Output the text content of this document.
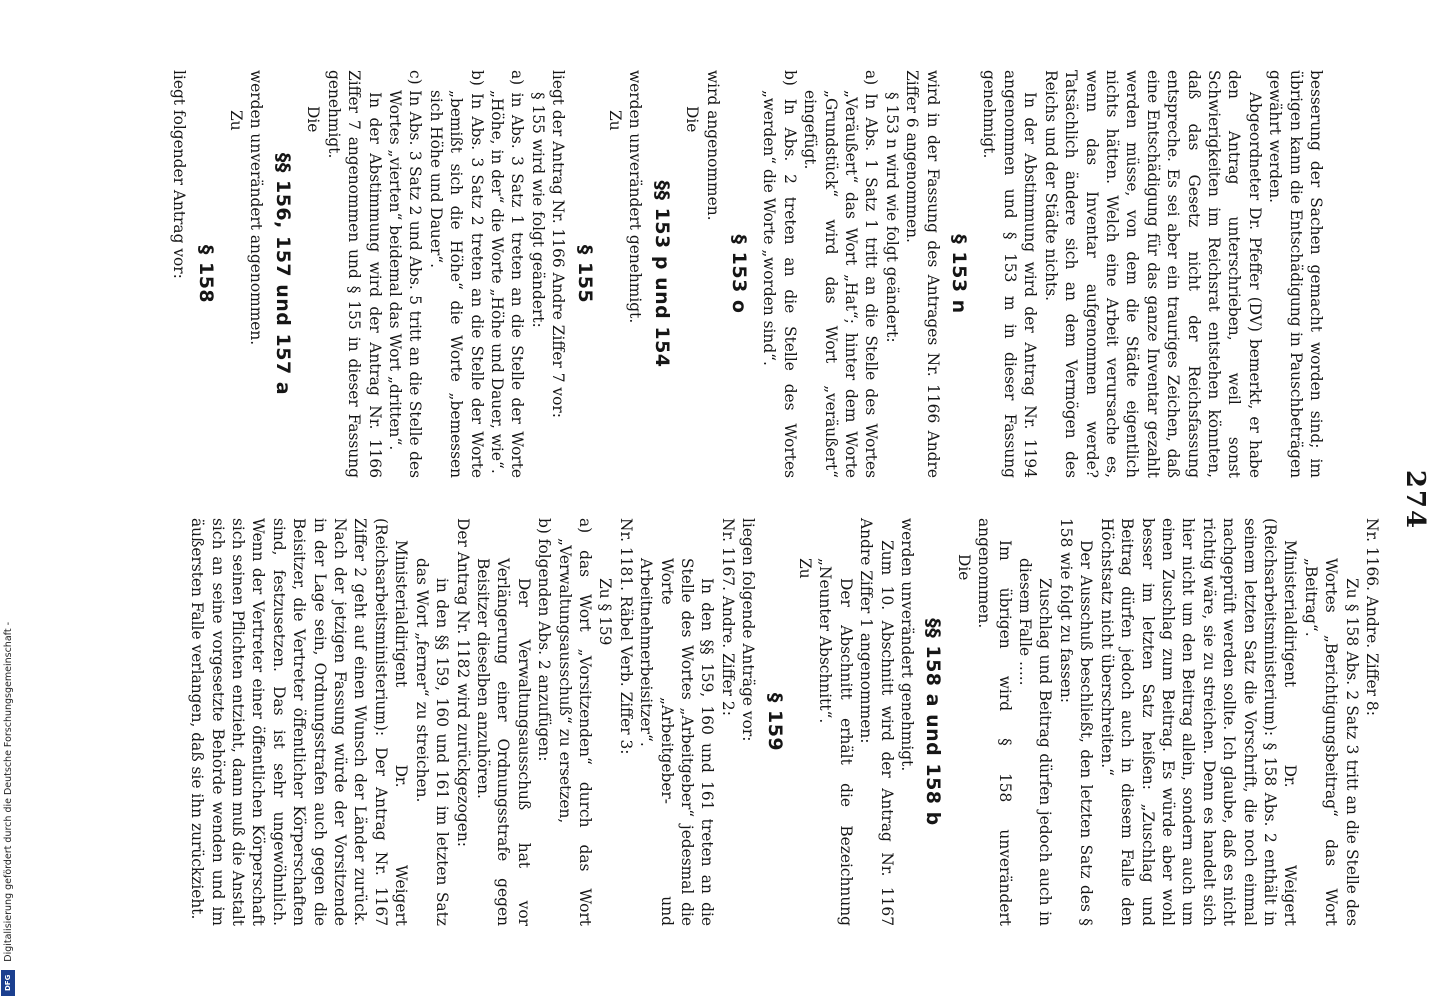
274

besserung der Sachen gemacht worden sind; im übrigen kann die Entschädigung in Pauschbeträgen gewährt werden.

Abgeordneter Dr. Pfeffer (DV) bemerkt, er habe den Antrag unterschrieben, weil sonst Schwierigkeiten im Reichsrat entstehen könnten, daß das Gesetz nicht der Reichsfassung entspreche. Es sei aber ein trauriges Zeichen, daß eine Entschädigung für das ganze Inventar gezahlt werden müsse, von dem die Städte eigentlich nichts hätten. Welch eine Arbeit verursache es, wenn das Inventar aufgenommen werde? Tatsächlich ändere sich an dem Vermögen des Reichs und der Städte nichts.

In der Abstimmung wird der Antrag Nr. 1194 angenommen und § 153 m in dieser Fassung genehmigt.

§ 153 n

wird in der Fassung des Antrages Nr. 1166 Andre Ziffer 6 angenommen.

§ 153 n wird wie folgt geändert:

a) In Abs. 1 Satz 1 tritt an die Stelle des Wortes „Veräußert“ das Wort „Hat“; hinter dem Worte „Grundstück“ wird das Wort „veräußert“ eingefügt.

b) In Abs. 2 treten an die Stelle des Wortes „werden“ die Worte „worden sind“.

§ 153 o

wird angenommen.

Die

§§ 153 p und 154

werden unverändert genehmigt.

Zu

§ 155

liegt der Antrag Nr. 1166 Andre Ziffer 7 vor:

§ 155 wird wie folgt geändert:

a) in Abs. 3 Satz 1 treten an die Stelle der Worte „Höhe, in der“ die Worte „Höhe und Dauer, wie“.

b) In Abs. 3 Satz 2 treten an die Stelle der Worte „bemißt sich die Höhe“ die Worte „bemessen sich Höhe und Dauer“.

c) In Abs. 3 Satz 2 und Abs. 5 tritt an die Stelle des Wortes „vierten“ beidemal das Wort „dritten“.

In der Abstimmung wird der Antrag Nr. 1166 Ziffer 7 angenommen und § 155 in dieser Fassung genehmigt.

Die

§§ 156, 157 und 157 a

werden unverändert angenommen.

Zu

§ 158

liegt folgender Antrag vor:

Nr. 1166. Andre. Ziffer 8:

Zu § 158 Abs. 2 Satz 3 tritt an die Stelle des Wortes „Berichtigungsbeitrag“ das Wort „Beitrag“.

Ministerialdirigent Dr. Weigert (Reichsarbeitsministerium): § 158 Abs. 2 enthält in seinem letzten Satz die Vorschrift, die noch einmal nachgeprüft werden sollte. Ich glaube, daß es nicht richtig wäre, sie zu streichen. Denn es handelt sich hier nicht um den Beitrag allein, sondern auch um einen Zuschlag zum Beitrag. Es würde aber wohl besser im letzten Satz heißen: „Zuschlag und Beitrag dürfen jedoch auch in diesem Falle den Höchstsatz nicht überschreiten.“

Der Ausschuß beschließt, den letzten Satz des § 158 wie folgt zu fassen:

Zuschlag und Beitrag dürfen jedoch auch in diesem Falle .....

Im übrigen wird § 158 unverändert angenommen.

Die

§§ 158 a und 158 b

werden unverändert genehmigt.

Zum 10. Abschnitt wird der Antrag Nr. 1167 Andre Ziffer 1 angenommen:

Der Abschnitt erhält die Bezeichnung „Neunter Abschnitt“.

Zu

§ 159

liegen folgende Anträge vor:

Nr. 1167. Andre. Ziffer 2:

In den §§ 159, 160 und 161 treten an die Stelle des Wortes „Arbeitgeber“ jedesmal die Worte „Arbeitgeber- und Arbeitnehmerbeisitzer“.

Nr. 1181. Räbel Verb. Ziffer 3:

Zu § 159

a) das Wort „Vorsitzenden“ durch das Wort „Verwaltungsausschuß“ zu ersetzen,

b) folgenden Abs. 2 anzufügen:

Der Verwaltungsausschuß hat vor Verlängerung einer Ordnungsstrafe gegen Beisitzer dieselben anzuhören.

Der Antrag Nr. 1182 wird zurückgezogen:

in den §§ 159, 160 und 161 im letzten Satz das Wort „ferner“ zu streichen.

Ministerialdirigent Dr. Weigert (Reichsarbeitsministerium): Der Antrag Nr. 1167 Ziffer 2 geht auf einen Wunsch der Länder zurück. Nach der jetzigen Fassung würde der Vorsitzende in der Lage sein, Ordnungsstrafen auch gegen die Beisitzer, die Vertreter öffentlicher Körperschaften sind, festzusetzen. Das ist sehr ungewöhnlich. Wenn der Vertreter einer öffentlichen Körperschaft sich seinen Pflichten entzieht, dann muß die Anstalt sich an seine vorgesetzte Behörde wenden und im äußersten Falle verlangen, daß sie ihn zurückzieht.

Digitalisierung gefördert durch die Deutsche Forschungsgemeinschaft -
DFG
